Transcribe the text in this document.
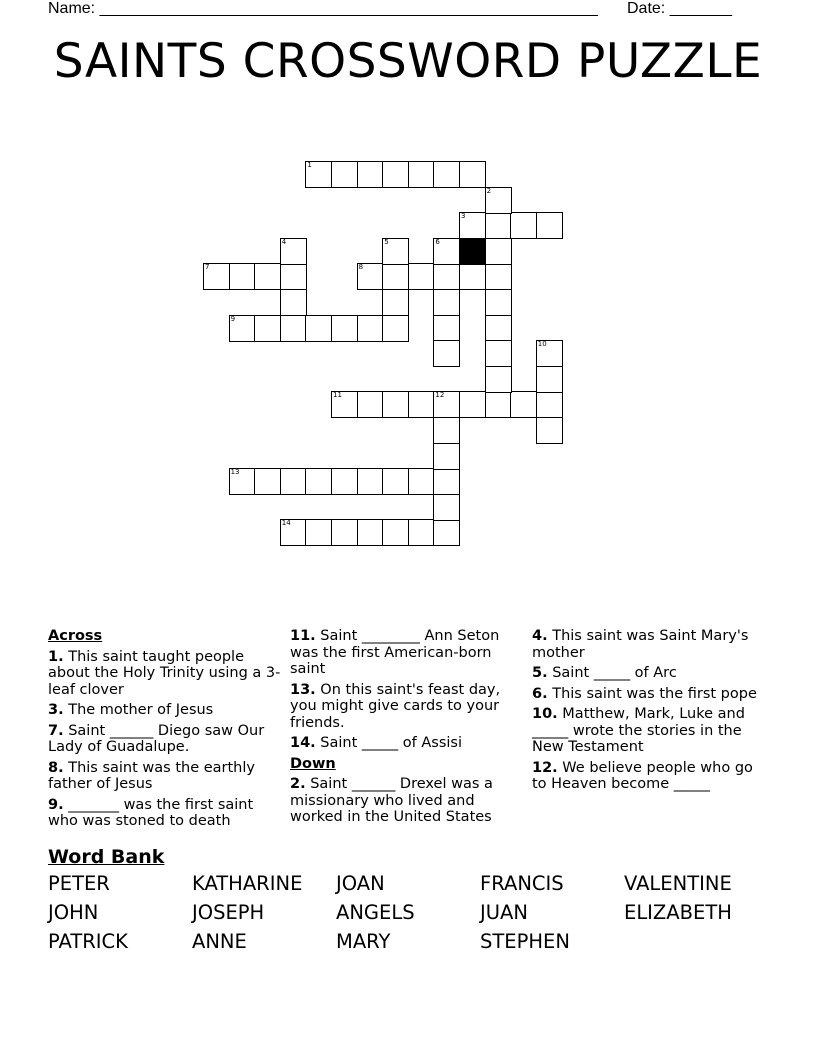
Name: ________________________________________________________ Date: _______
SAINTS CROSSWORD PUZZLE
1
3
7	8
9
11	12
13
14
2
4	5	6
10

Across

1. This saint taught people about the Holy Trinity using a 3-leaf clover

3. The mother of Jesus

7. Saint ______ Diego saw Our Lady of Guadalupe.

8. This saint was the earthly father of Jesus

9. _______ was the first saint who was stoned to death

11. Saint ________ Ann Seton was the first American-born saint

13. On this saint's feast day, you might give cards to your friends.

14. Saint _____ of Assisi

Down

2. Saint ______ Drexel was a missionary who lived and worked in the United States

4. This saint was Saint Mary's mother

5. Saint _____ of Arc

6. This saint was the first pope

10. Matthew, Mark, Luke and _____ wrote the stories in the New Testament

12. We believe people who go to Heaven become _____

Word Bank
PETER	KATHARINE	JOAN	FRANCIS	VALENTINE
JOHN	JOSEPH	ANGELS	JUAN	ELIZABETH
PATRICK	ANNE	MARY	STEPHEN
